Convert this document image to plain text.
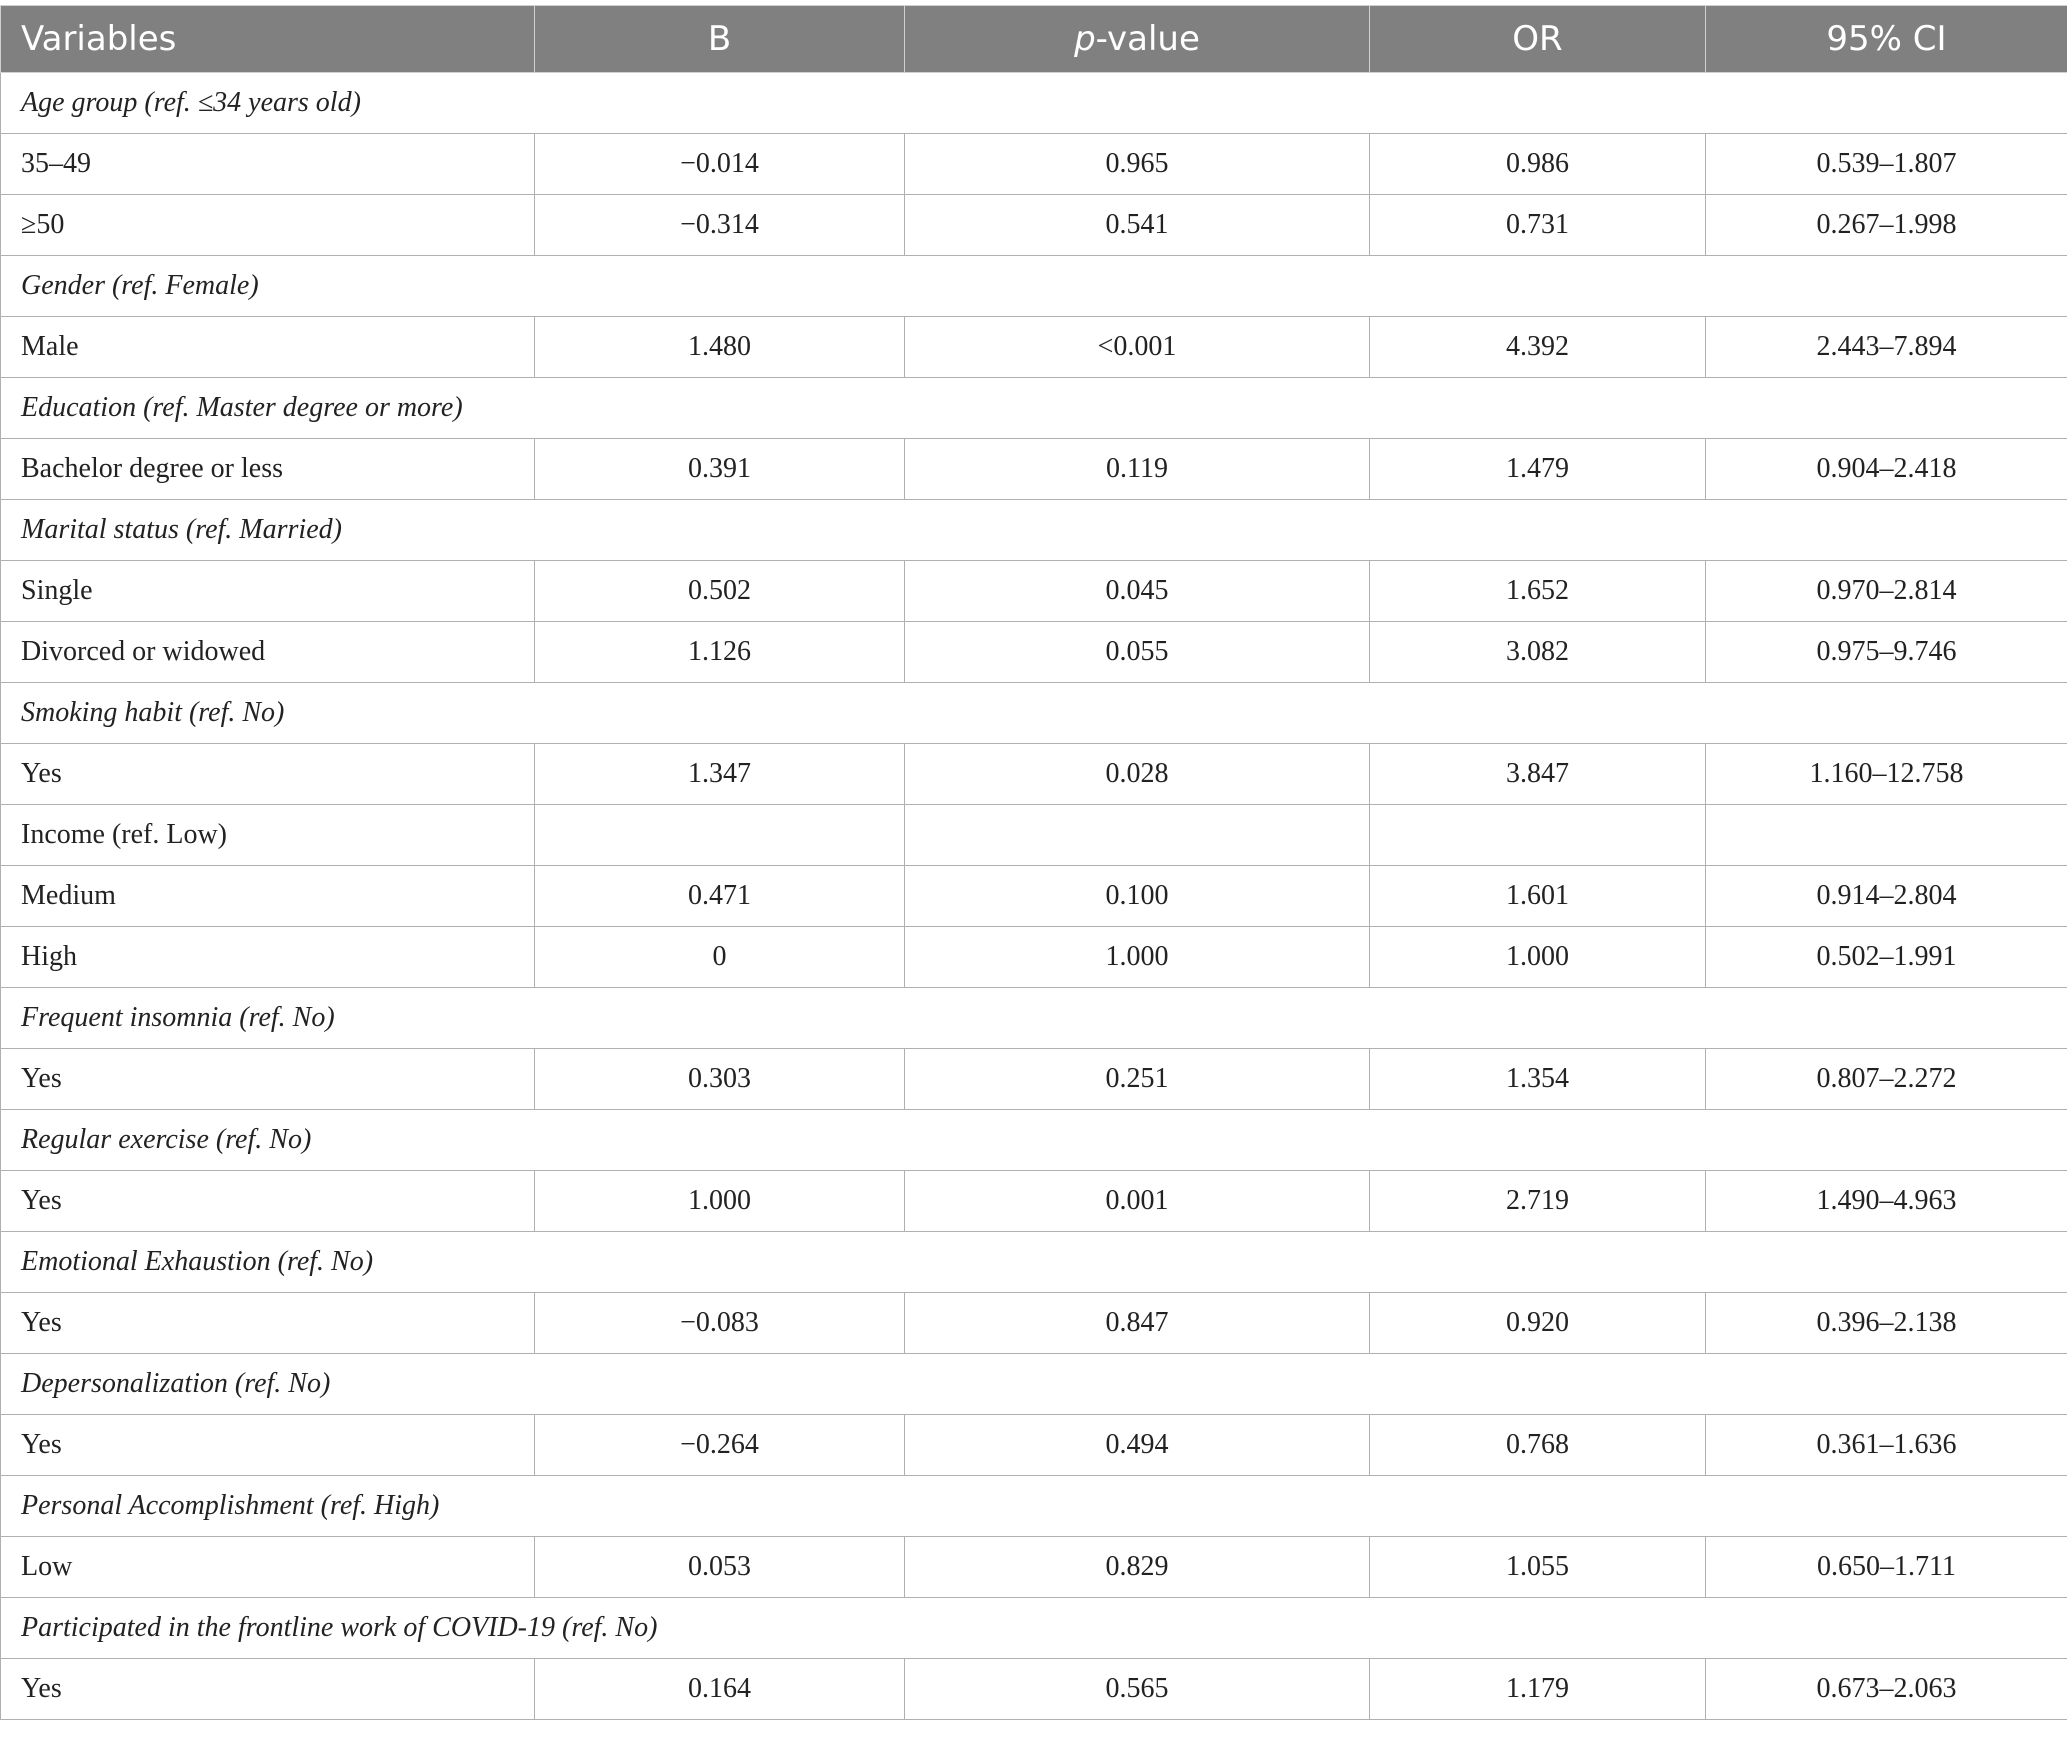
Variables	B	p-value	OR	95% CI
Age group (ref. ≤34 years old)				
35–49	−0.014	0.965	0.986	0.539–1.807
≥50	−0.314	0.541	0.731	0.267–1.998
Gender (ref. Female)				
Male	1.480	<0.001	4.392	2.443–7.894
Education (ref. Master degree or more)				
Bachelor degree or less	0.391	0.119	1.479	0.904–2.418
Marital status (ref. Married)				
Single	0.502	0.045	1.652	0.970–2.814
Divorced or widowed	1.126	0.055	3.082	0.975–9.746
Smoking habit (ref. No)				
Yes	1.347	0.028	3.847	1.160–12.758
Income (ref. Low)				
Medium	0.471	0.100	1.601	0.914–2.804
High	0	1.000	1.000	0.502–1.991
Frequent insomnia (ref. No)				
Yes	0.303	0.251	1.354	0.807–2.272
Regular exercise (ref. No)				
Yes	1.000	0.001	2.719	1.490–4.963
Emotional Exhaustion (ref. No)				
Yes	−0.083	0.847	0.920	0.396–2.138
Depersonalization (ref. No)				
Yes	−0.264	0.494	0.768	0.361–1.636
Personal Accomplishment (ref. High)				
Low	0.053	0.829	1.055	0.650–1.711
Participated in the frontline work of COVID-19 (ref. No)				
Yes	0.164	0.565	1.179	0.673–2.063
